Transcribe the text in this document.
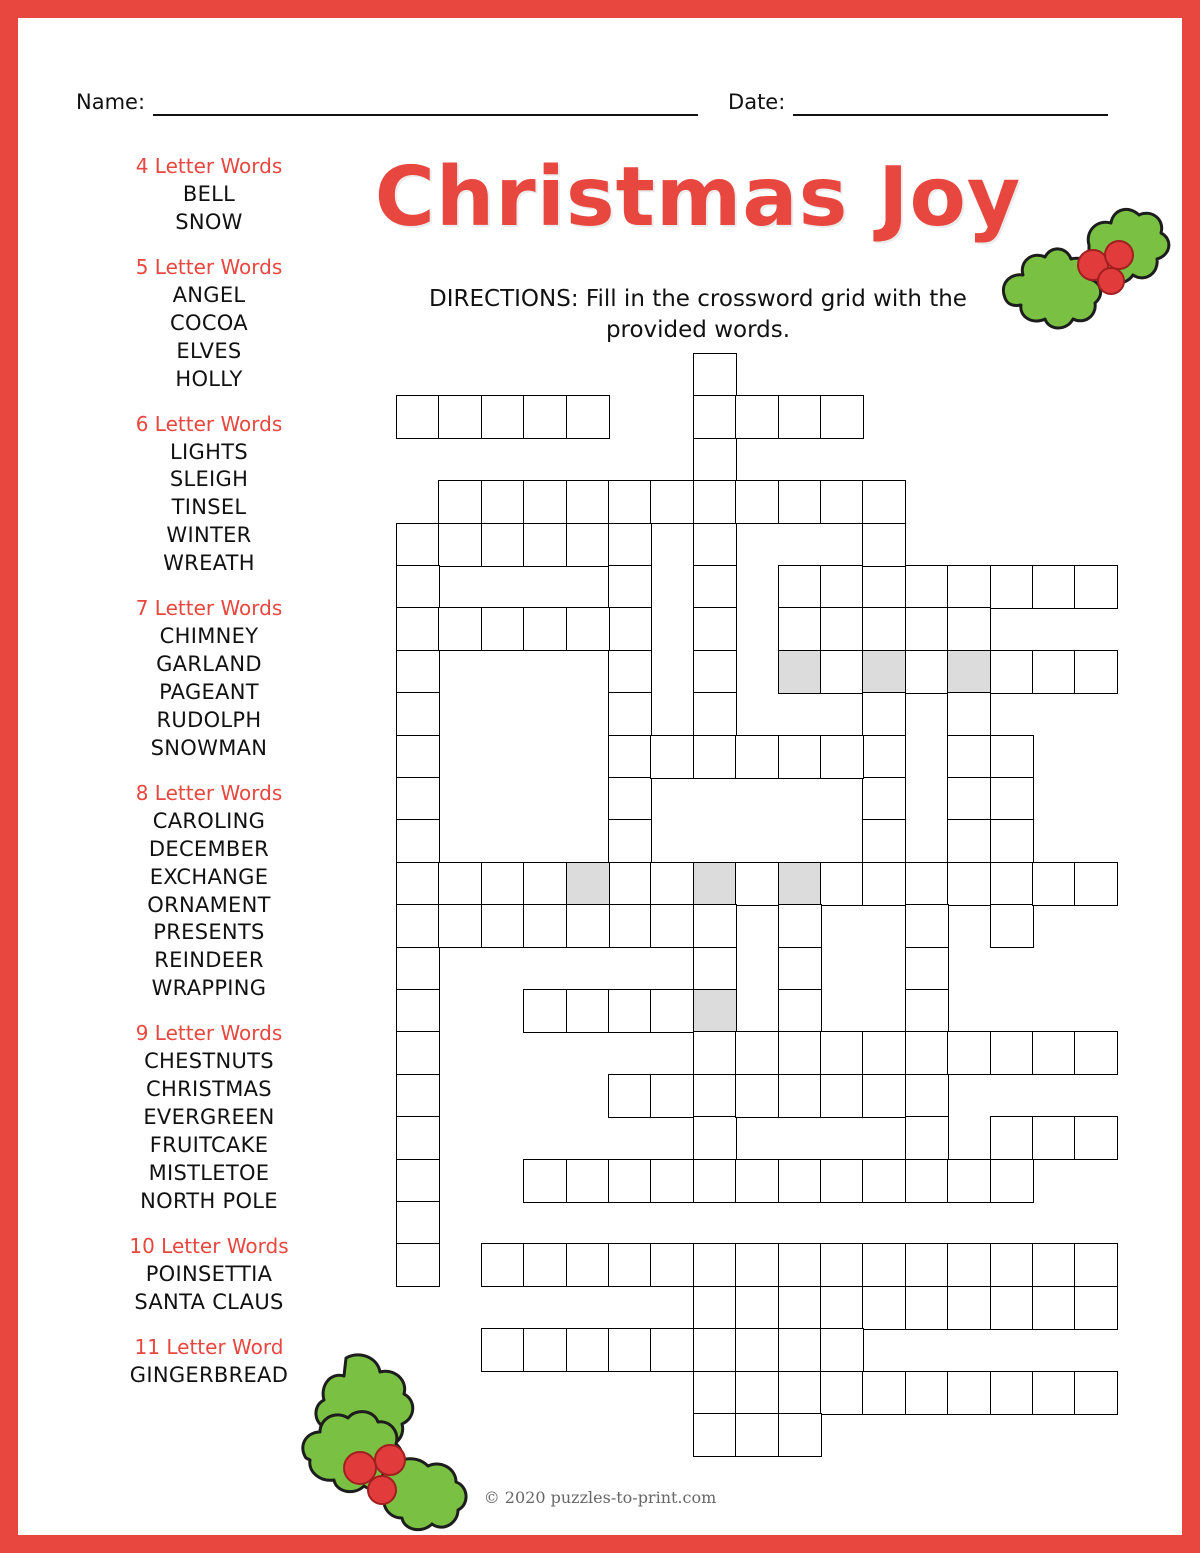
Name:	Date:
Christmas Joy
DIRECTIONS: Fill in the crossword grid with the provided words.
4 Letter Words
BELL
SNOW
5 Letter Words
ANGEL
COCOA
ELVES
HOLLY
6 Letter Words
LIGHTS
SLEIGH
TINSEL
WINTER
WREATH
7 Letter Words
CHIMNEY
GARLAND
PAGEANT
RUDOLPH
SNOWMAN
8 Letter Words
CAROLING
DECEMBER
EXCHANGE
ORNAMENT
PRESENTS
REINDEER
WRAPPING
9 Letter Words
CHESTNUTS
CHRISTMAS
EVERGREEN
FRUITCAKE
MISTLETOE
NORTH POLE
10 Letter Words
POINSETTIA
SANTA CLAUS
11 Letter Word
GINGERBREAD
© 2020 puzzles-to-print.com
